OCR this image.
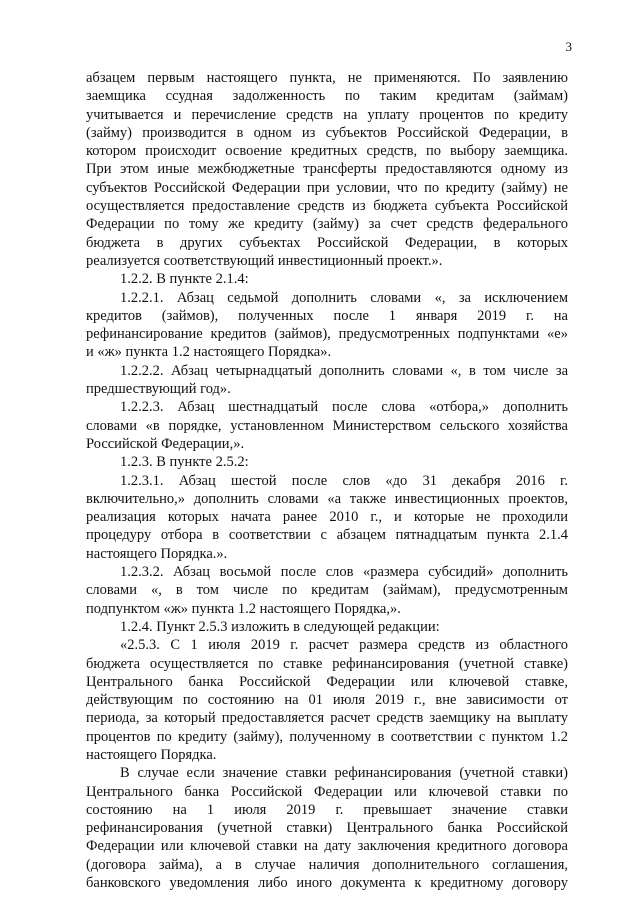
3

абзацем первым настоящего пункта, не применяются. По заявлению

заемщика ссудная задолженность по таким кредитам (займам)

учитывается и перечисление средств на уплату процентов по кредиту

(займу) производится в одном из субъектов Российской Федерации, в

котором происходит освоение кредитных средств, по выбору заемщика.

При этом иные межбюджетные трансферты предоставляются одному из

субъектов Российской Федерации при условии, что по кредиту (займу) не

осуществляется предоставление средств из бюджета субъекта Российской

Федерации по тому же кредиту (займу) за счет средств федерального

бюджета в других субъектах Российской Федерации, в которых

реализуется соответствующий инвестиционный проект.».

1.2.2. В пункте 2.1.4:

1.2.2.1. Абзац седьмой дополнить словами «, за исключением

кредитов (займов), полученных после 1 января 2019 г. на

рефинансирование кредитов (займов), предусмотренных подпунктами «е»

и «ж» пункта 1.2 настоящего Порядка».

1.2.2.2. Абзац четырнадцатый дополнить словами «, в том числе за

предшествующий год».

1.2.2.3. Абзац шестнадцатый после слова «отбора,» дополнить

словами «в порядке, установленном Министерством сельского хозяйства

Российской Федерации,».

1.2.3. В пункте 2.5.2:

1.2.3.1. Абзац шестой после слов «до 31 декабря 2016 г.

включительно,» дополнить словами «а также инвестиционных проектов,

реализация которых начата ранее 2010 г., и которые не проходили

процедуру отбора в соответствии с абзацем пятнадцатым пункта 2.1.4

настоящего Порядка.».

1.2.3.2. Абзац восьмой после слов «размера субсидий» дополнить

словами «, в том числе по кредитам (займам), предусмотренным

подпунктом «ж» пункта 1.2 настоящего Порядка,».

1.2.4. Пункт 2.5.3 изложить в следующей редакции:

«2.5.3. С 1 июля 2019 г. расчет размера средств из областного

бюджета осуществляется по ставке рефинансирования (учетной ставке)

Центрального банка Российской Федерации или ключевой ставке,

действующим по состоянию на 01 июля 2019 г., вне зависимости от

периода, за который предоставляется расчет средств заемщику на выплату

процентов по кредиту (займу), полученному в соответствии с пунктом 1.2

настоящего Порядка.

В случае если значение ставки рефинансирования (учетной ставки)

Центрального банка Российской Федерации или ключевой ставки по

состоянию на 1 июля 2019 г. превышает значение ставки

рефинансирования (учетной ставки) Центрального банка Российской

Федерации или ключевой ставки на дату заключения кредитного договора

(договора займа), а в случае наличия дополнительного соглашения,

банковского уведомления либо иного документа к кредитному договору
